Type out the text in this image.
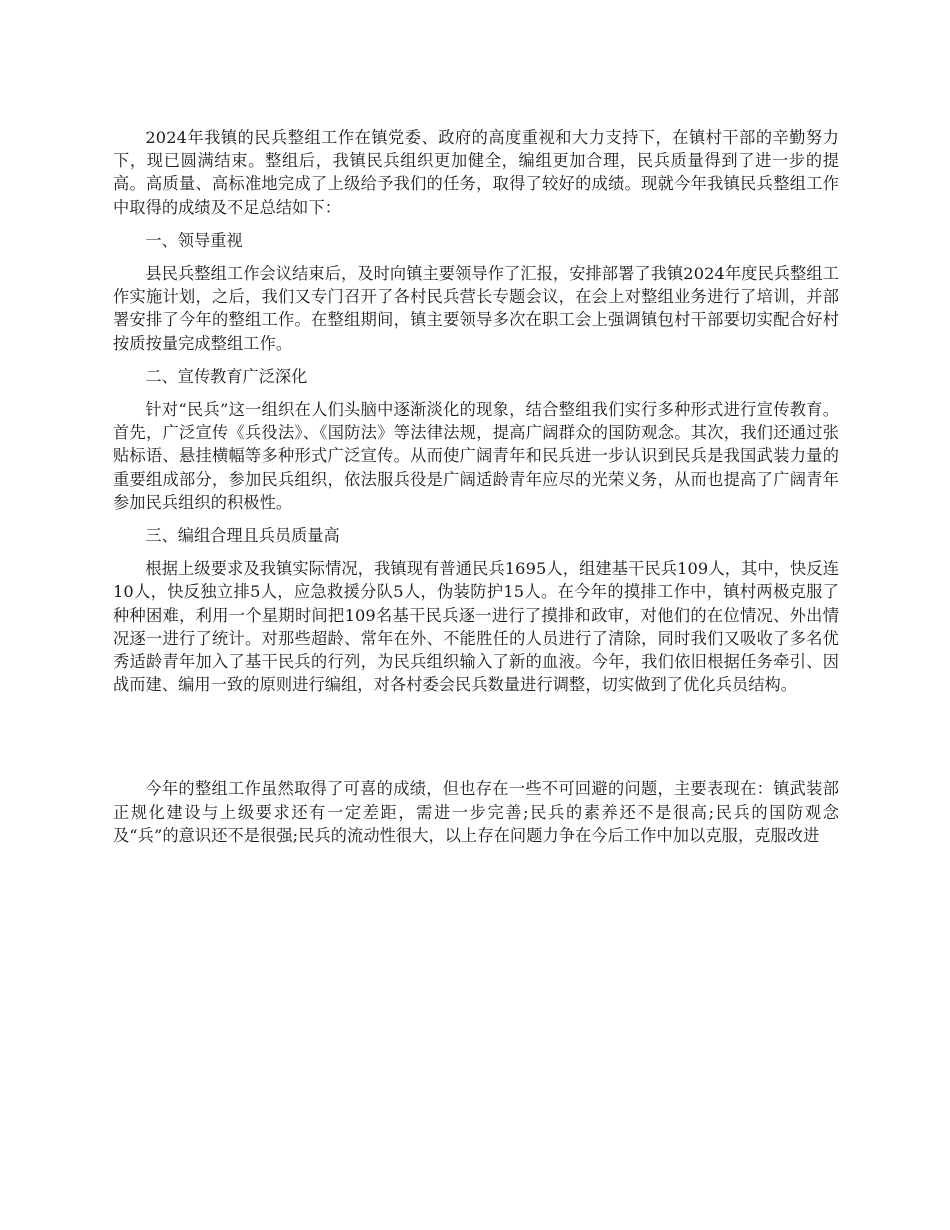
2024年我镇的民兵整组工作在镇党委、政府的高度重视和大力支持下，在镇村干部的辛勤努力下，现已圆满结束。整组后，我镇民兵组织更加健全，编组更加合理，民兵质量得到了进一步的提高。高质量、高标准地完成了上级给予我们的任务，取得了较好的成绩。现就今年我镇民兵整组工作中取得的成绩及不足总结如下：

一、领导重视

县民兵整组工作会议结束后，及时向镇主要领导作了汇报，安排部署了我镇2024年度民兵整组工作实施计划，之后，我们又专门召开了各村民兵营长专题会议，在会上对整组业务进行了培训，并部署安排了今年的整组工作。在整组期间，镇主要领导多次在职工会上强调镇包村干部要切实配合好村按质按量完成整组工作。

二、宣传教育广泛深化

针对“民兵”这一组织在人们头脑中逐渐淡化的现象，结合整组我们实行多种形式进行宣传教育。首先，广泛宣传《兵役法》、《国防法》等法律法规，提高广阔群众的国防观念。其次，我们还通过张贴标语、悬挂横幅等多种形式广泛宣传。从而使广阔青年和民兵进一步认识到民兵是我国武装力量的重要组成部分，参加民兵组织，依法服兵役是广阔适龄青年应尽的光荣义务，从而也提高了广阔青年参加民兵组织的积极性。

三、编组合理且兵员质量高

根据上级要求及我镇实际情况，我镇现有普通民兵1695人，组建基干民兵109人，其中，快反连10人，快反独立排5人，应急救援分队5人，伪装防护15人。在今年的摸排工作中，镇村两极克服了种种困难，利用一个星期时间把109名基干民兵逐一进行了摸排和政审，对他们的在位情况、外出情况逐一进行了统计。对那些超龄、常年在外、不能胜任的人员进行了清除，同时我们又吸收了多名优秀适龄青年加入了基干民兵的行列，为民兵组织输入了新的血液。今年，我们依旧根据任务牵引、因战而建、编用一致的原则进行编组，对各村委会民兵数量进行调整，切实做到了优化兵员结构。

今年的整组工作虽然取得了可喜的成绩，但也存在一些不可回避的问题，主要表现在：镇武装部正规化建设与上级要求还有一定差距，需进一步完善;民兵的素养还不是很高;民兵的国防观念及“兵”的意识还不是很强;民兵的流动性很大，以上存在问题力争在今后工作中加以克服，克服改进
